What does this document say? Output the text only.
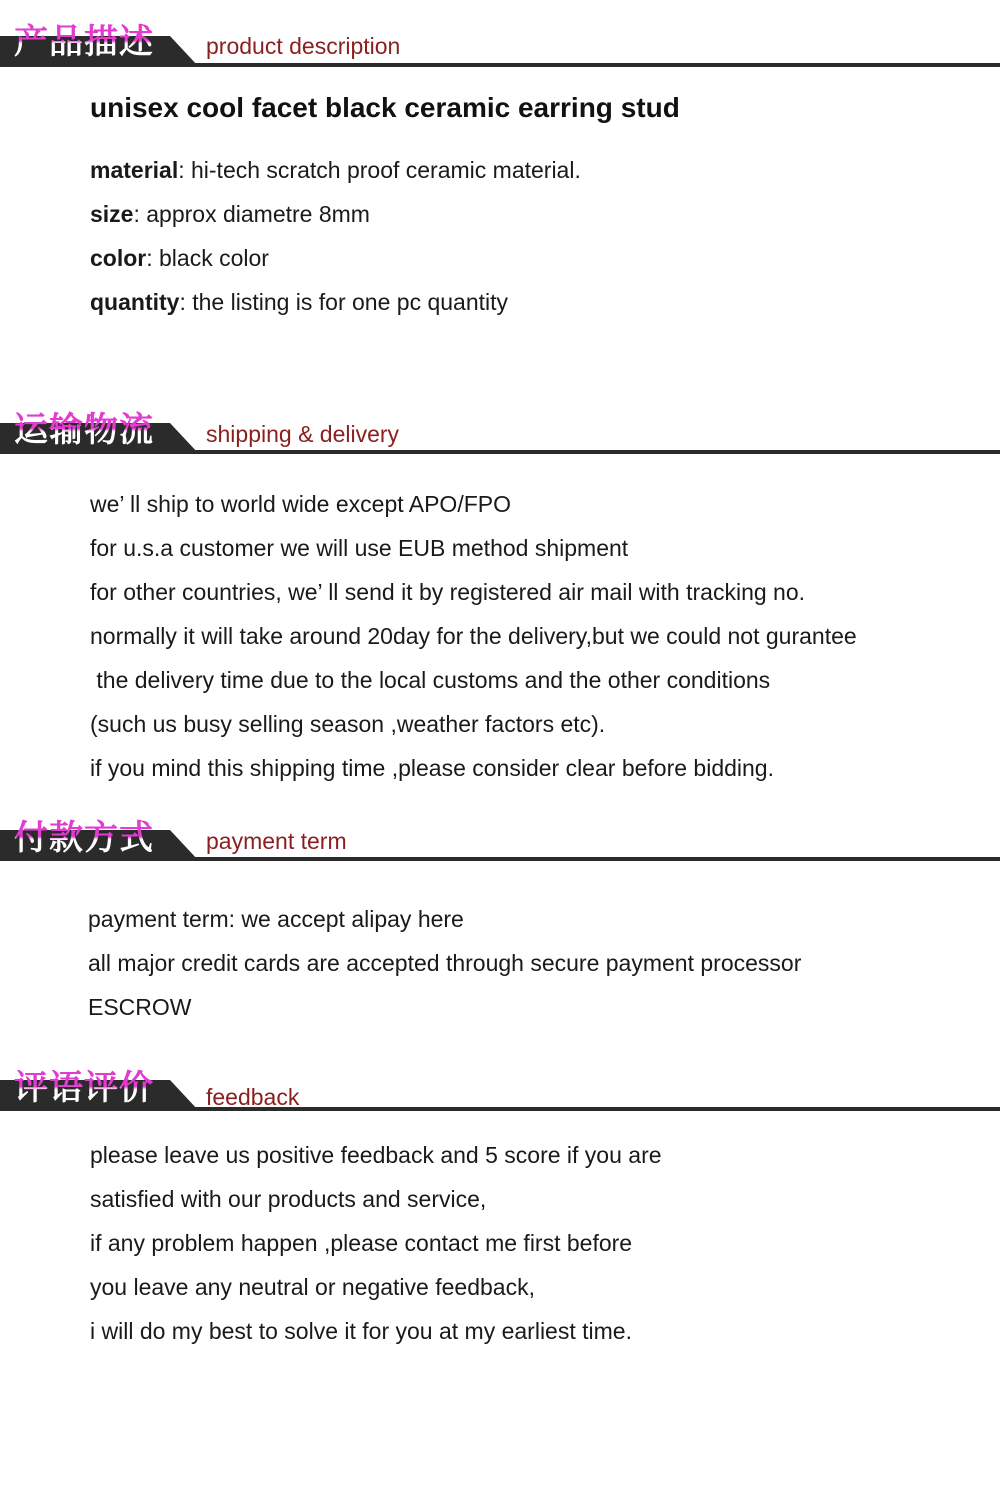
产品描述 product description
unisex cool facet black ceramic earring stud

material: hi-tech scratch proof ceramic material.

size: approx diametre 8mm

color: black color

quantity: the listing is for one pc quantity

运输物流 shipping & delivery

we’ ll ship to world wide except APO/FPO

for u.s.a customer we will use EUB method shipment

for other countries, we’ ll send it by registered air mail with tracking no.

normally it will take around 20day for the delivery,but we could not gurantee

the delivery time due to the local customs and the other conditions

(such us busy selling season ,weather factors etc).

if you mind this shipping time ,please consider clear before bidding.

付款方式 payment term

payment term: we accept alipay here

all major credit cards are accepted through secure payment processor

ESCROW

评语评价 feedback

please leave us positive feedback and 5 score if you are

satisfied with our products and service,

if any problem happen ,please contact me first before

you leave any neutral or negative feedback,

i will do my best to solve it for you at my earliest time.
